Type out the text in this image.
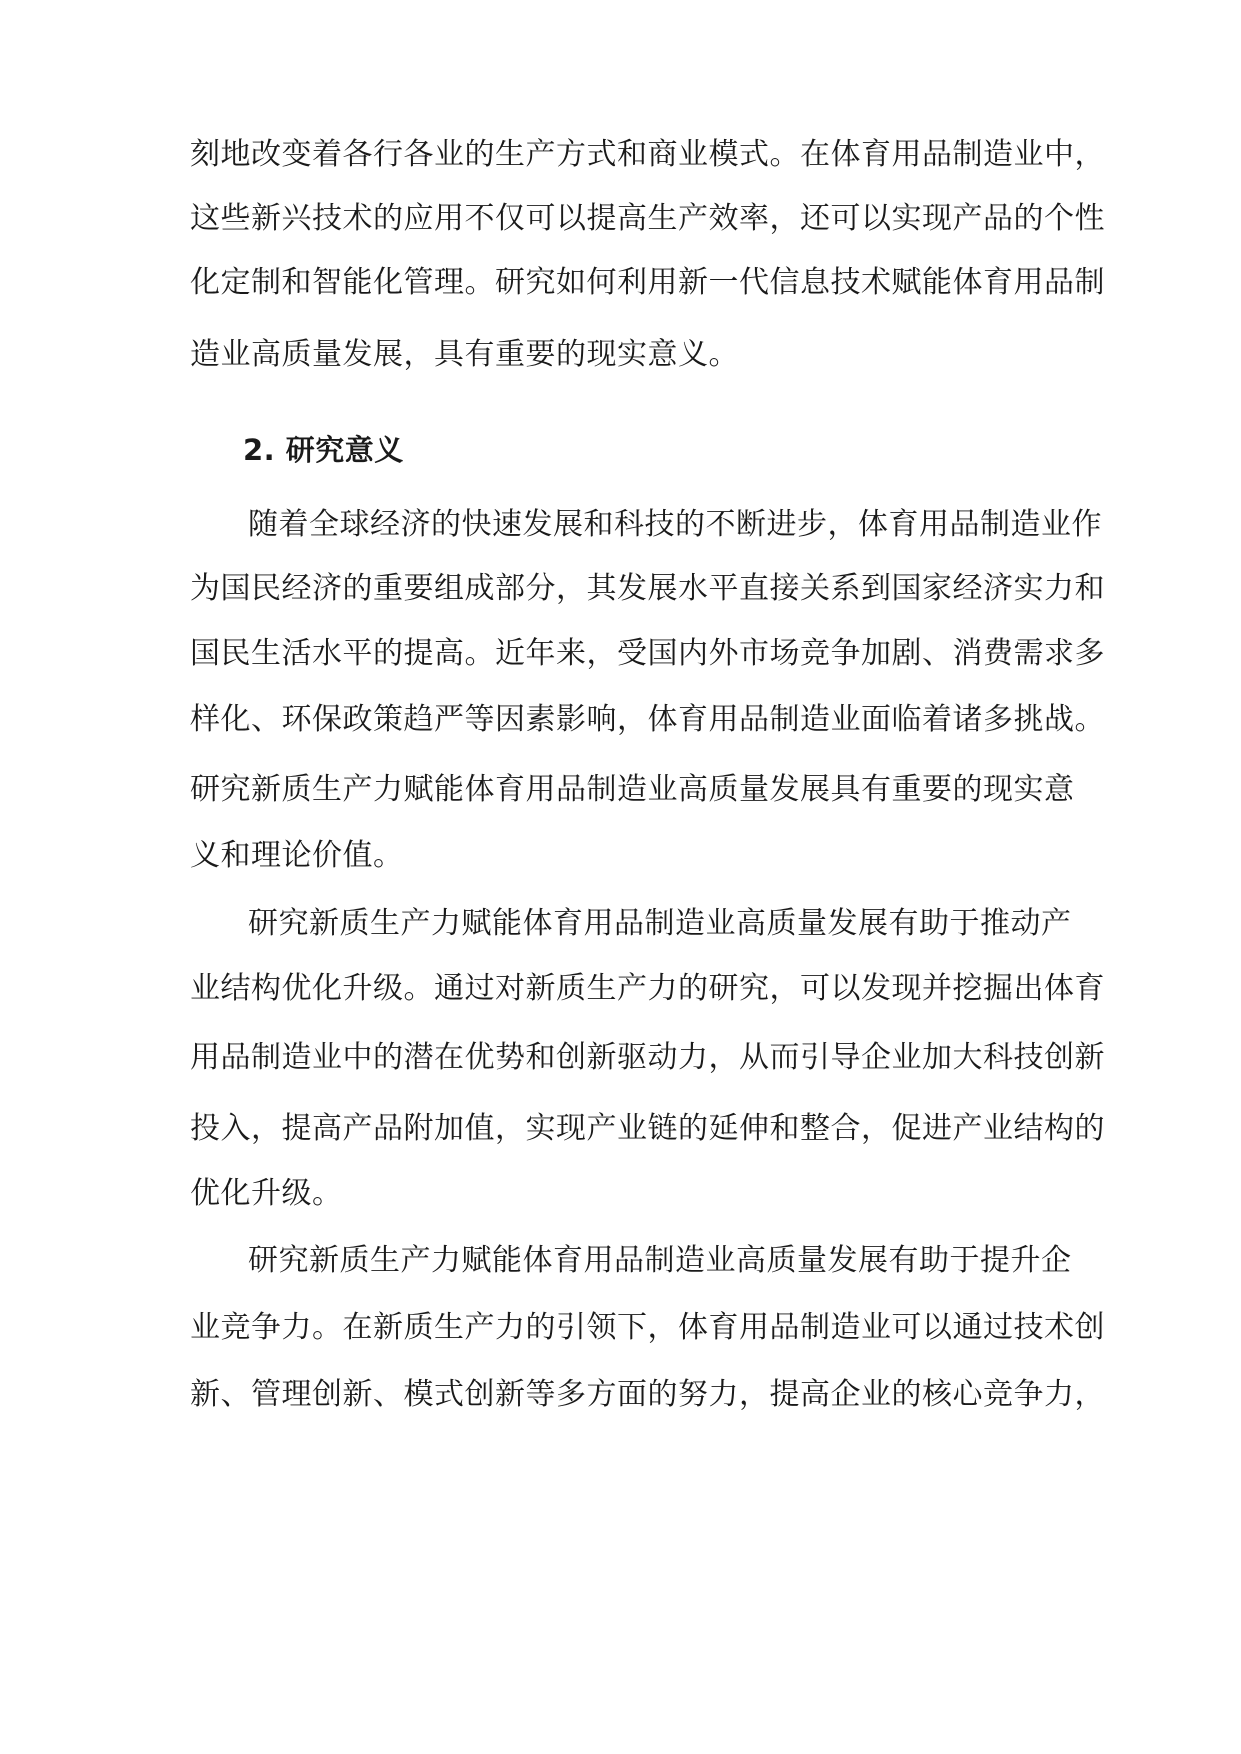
刻地改变着各行各业的生产方式和商业模式。在体育用品制造业中，
这些新兴技术的应用不仅可以提高生产效率，还可以实现产品的个性
化定制和智能化管理。研究如何利用新一代信息技术赋能体育用品制
造业高质量发展，具有重要的现实意义。
2. 研究意义
随着全球经济的快速发展和科技的不断进步，体育用品制造业作
为国民经济的重要组成部分，其发展水平直接关系到国家经济实力和
国民生活水平的提高。近年来，受国内外市场竞争加剧、消费需求多
样化、环保政策趋严等因素影响，体育用品制造业面临着诸多挑战。
研究新质生产力赋能体育用品制造业高质量发展具有重要的现实意
义和理论价值。
研究新质生产力赋能体育用品制造业高质量发展有助于推动产
业结构优化升级。通过对新质生产力的研究，可以发现并挖掘出体育
用品制造业中的潜在优势和创新驱动力，从而引导企业加大科技创新
投入，提高产品附加值，实现产业链的延伸和整合，促进产业结构的
优化升级。
研究新质生产力赋能体育用品制造业高质量发展有助于提升企
业竞争力。在新质生产力的引领下，体育用品制造业可以通过技术创
新、管理创新、模式创新等多方面的努力，提高企业的核心竞争力，
